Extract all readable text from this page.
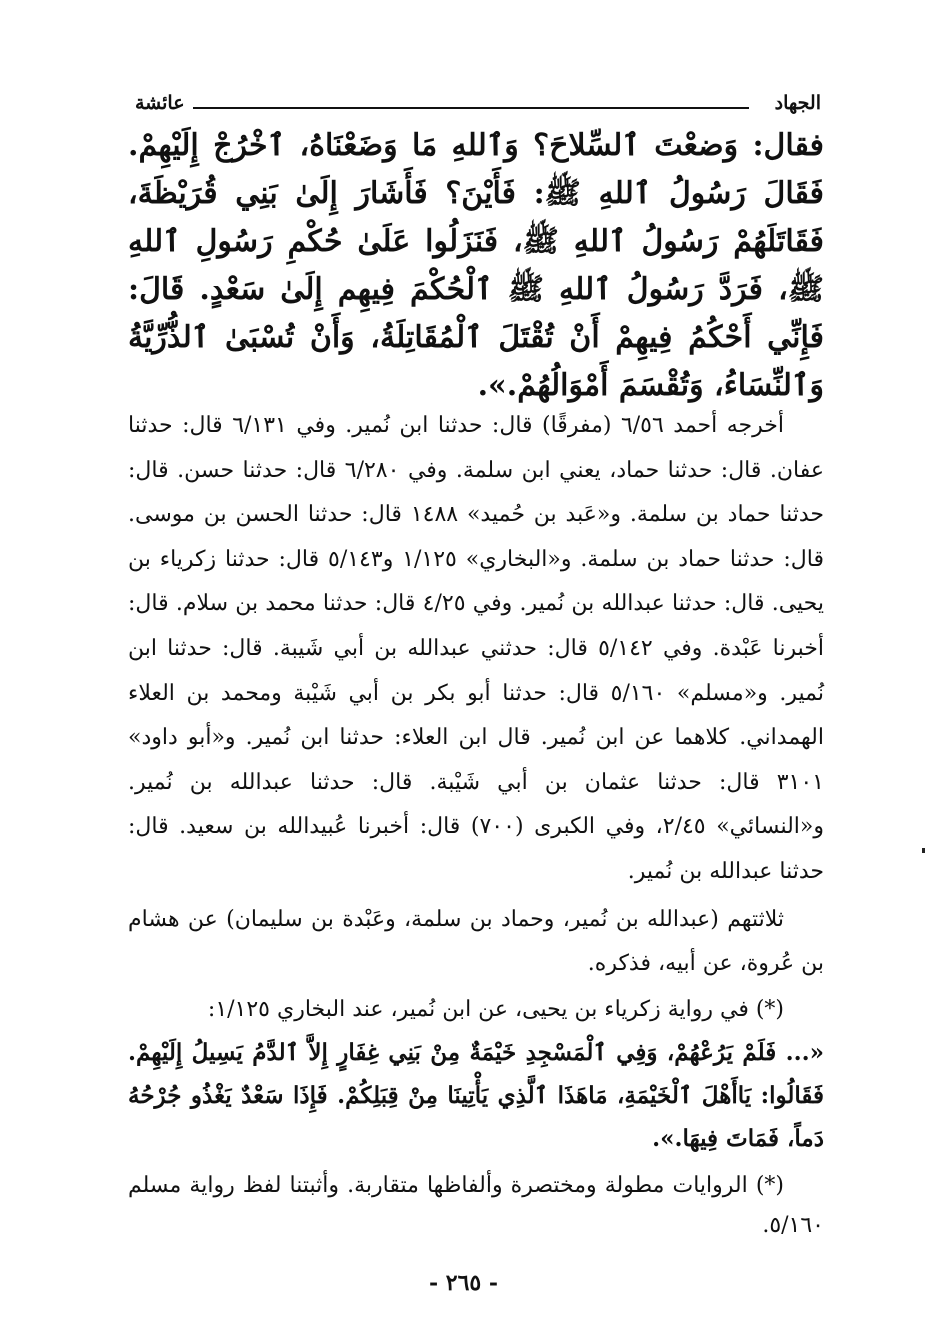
الجهاد
عائشة

فقال: وَضعْتَ ٱلسِّلاحَ؟ وَٱللهِ مَا وَضَعْنَاهُ، ٱخْرُجْ إِلَيْهِمْ. فَقَالَ رَسُولُ ٱللهِ ﷺ: فَأَيْنَ؟ فَأَشَارَ إِلَىٰ بَنِي قُرَيْظَةَ، فَقَاتَلَهُمْ رَسُولُ ٱللهِ ﷺ، فَنَزَلُوا عَلَىٰ حُكْمِ رَسُولِ ٱللهِ ﷺ، فَرَدَّ رَسُولُ ٱللهِ ﷺ ٱلْحُكْمَ فِيهِم إِلَىٰ سَعْدٍ. قَالَ: فَإِنِّي أَحْكُمُ فِيهِمْ أَنْ تُقْتَلَ ٱلْمُقَاتِلَةُ، وَأَنْ تُسْبَىٰ ٱلذُّرِّيَّةُ وَٱلنِّسَاءُ، وَتُقْسَمَ أَمْوَالُهُمْ.».

أخرجه أحمد ٦/٥٦ (مفرقًا) قال: حدثنا ابن نُمير. وفي ٦/١٣١ قال: حدثنا عفان. قال: حدثنا حماد، يعني ابن سلمة. وفي ٦/٢٨٠ قال: حدثنا حسن. قال: حدثنا حماد بن سلمة. و«عَبد بن حُميد» ١٤٨٨ قال: حدثنا الحسن بن موسى. قال: حدثنا حماد بن سلمة. و«البخاري» ١/١٢٥ و٥/١٤٣ قال: حدثنا زكرياء بن يحيى. قال: حدثنا عبدالله بن نُمير. وفي ٤/٢٥ قال: حدثنا محمد بن سلام. قال: أخبرنا عَبْدة. وفي ٥/١٤٢ قال: حدثني عبدالله بن أبي شَيبة. قال: حدثنا ابن نُمير. و«مسلم» ٥/١٦٠ قال: حدثنا أبو بكر بن أبي شَيْبة ومحمد بن العلاء الهمداني. كلاهما عن ابن نُمير. قال ابن العلاء: حدثنا ابن نُمير. و«أبو داود» ٣١٠١ قال: حدثنا عثمان بن أبي شَيْبة. قال: حدثنا عبدالله بن نُمير. و«النسائي» ٢/٤٥، وفي الكبرى (٧٠٠) قال: أخبرنا عُبيدالله بن سعيد. قال: حدثنا عبدالله بن نُمير.

ثلاثتهم (عبدالله بن نُمير، وحماد بن سلمة، وعَبْدة بن سليمان) عن هشام بن عُروة، عن أبيه، فذكره.

(*) في رواية زكرياء بن يحيى، عن ابن نُمير، عند البخاري ١/١٢٥:

«... فَلَمْ يَرُعْهُمْ، وَفِي ٱلْمَسْجِدِ خَيْمَةٌ مِنْ بَنِي غِفَارٍ إِلاَّ ٱلدَّمُ يَسِيلُ إِلَيْهِمْ. فَقَالُوا: يَاأَهْلَ ٱلْخَيْمَةِ، مَاهَذَا ٱلَّذِي يَأْتِينَا مِنْ قِبَلِكُمْ. فَإِذَا سَعْدٌ يَغْذُو جُرْحُهُ دَماً، فَمَاتَ فِيهَا.».

(*) الروايات مطولة ومختصرة وألفاظها متقاربة. وأثبتنا لفظ رواية مسلم ٥/١٦٠.

- ٢٦٥ -
